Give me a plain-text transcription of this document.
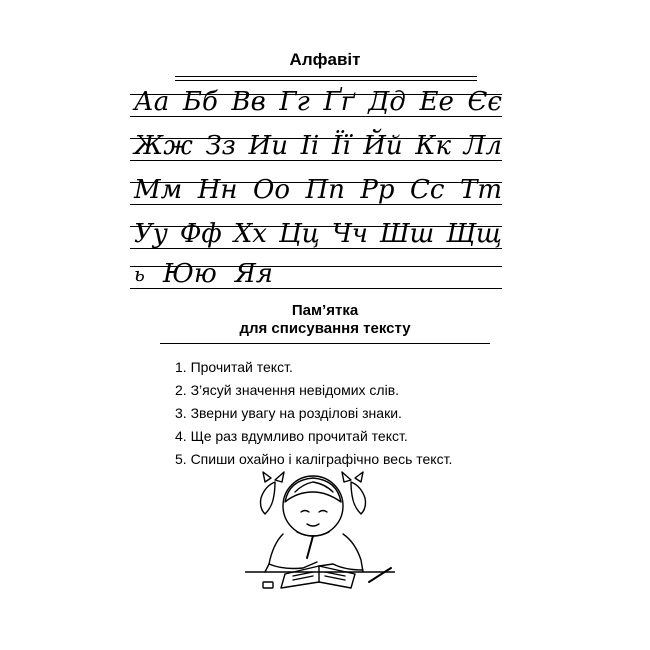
Алфавіт
Аа Бб Вв Гг Ґґ Дд Ее Єє
Жж Зз Ии Іі Її Йй Кк Лл
Мм Нн Оо Пп Рр Сс Тт
Уу Фф Хх Цц Чч Шш Щщ
ь Юю Яя
Пам’ятка
для списування тексту
1. Прочитай текст.
2. З’ясуй значення невідомих слів.
3. Зверни увагу на розділові знаки.
4. Ще раз вдумливо прочитай текст.
5. Спиши охайно і каліграфічно весь текст.
